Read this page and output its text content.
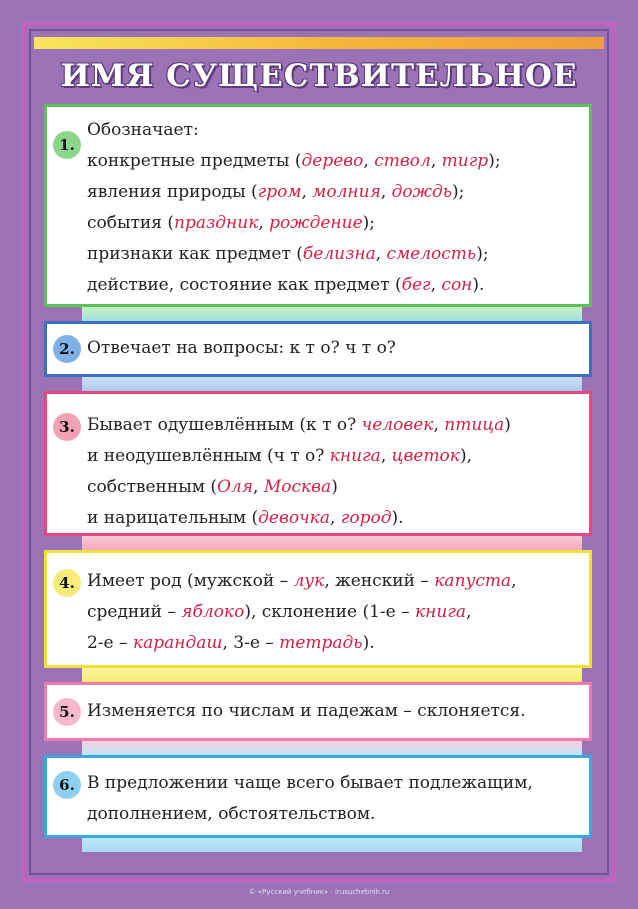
ИМЯ СУЩЕСТВИТЕЛЬНОЕ
1.
Обозначает:
конкретные предметы (дерево, ствол, тигр);
явления природы (гром, молния, дождь);
события (праздник, рождение);
признаки как предмет (белизна, смелость);
действие, состояние как предмет (бег, сон).
2. Отвечает на вопросы: к т о? ч т о?
3. Бывает одушевлённым (к т о? человек, птица)
и неодушевлённым (ч т о? книга, цветок),
собственным (Оля, Москва)
и нарицательным (девочка, город).
4. Имеет род (мужской – лук, женский – капуста,
средний – яблоко), склонение (1-е – книга,
2-е – карандаш, 3-е – тетрадь).
5. Изменяется по числам и падежам – склоняется.
6. В предложении чаще всего бывает подлежащим,
дополнением, обстоятельством.
© «Русский учебник» · irusuchebnik.ru
